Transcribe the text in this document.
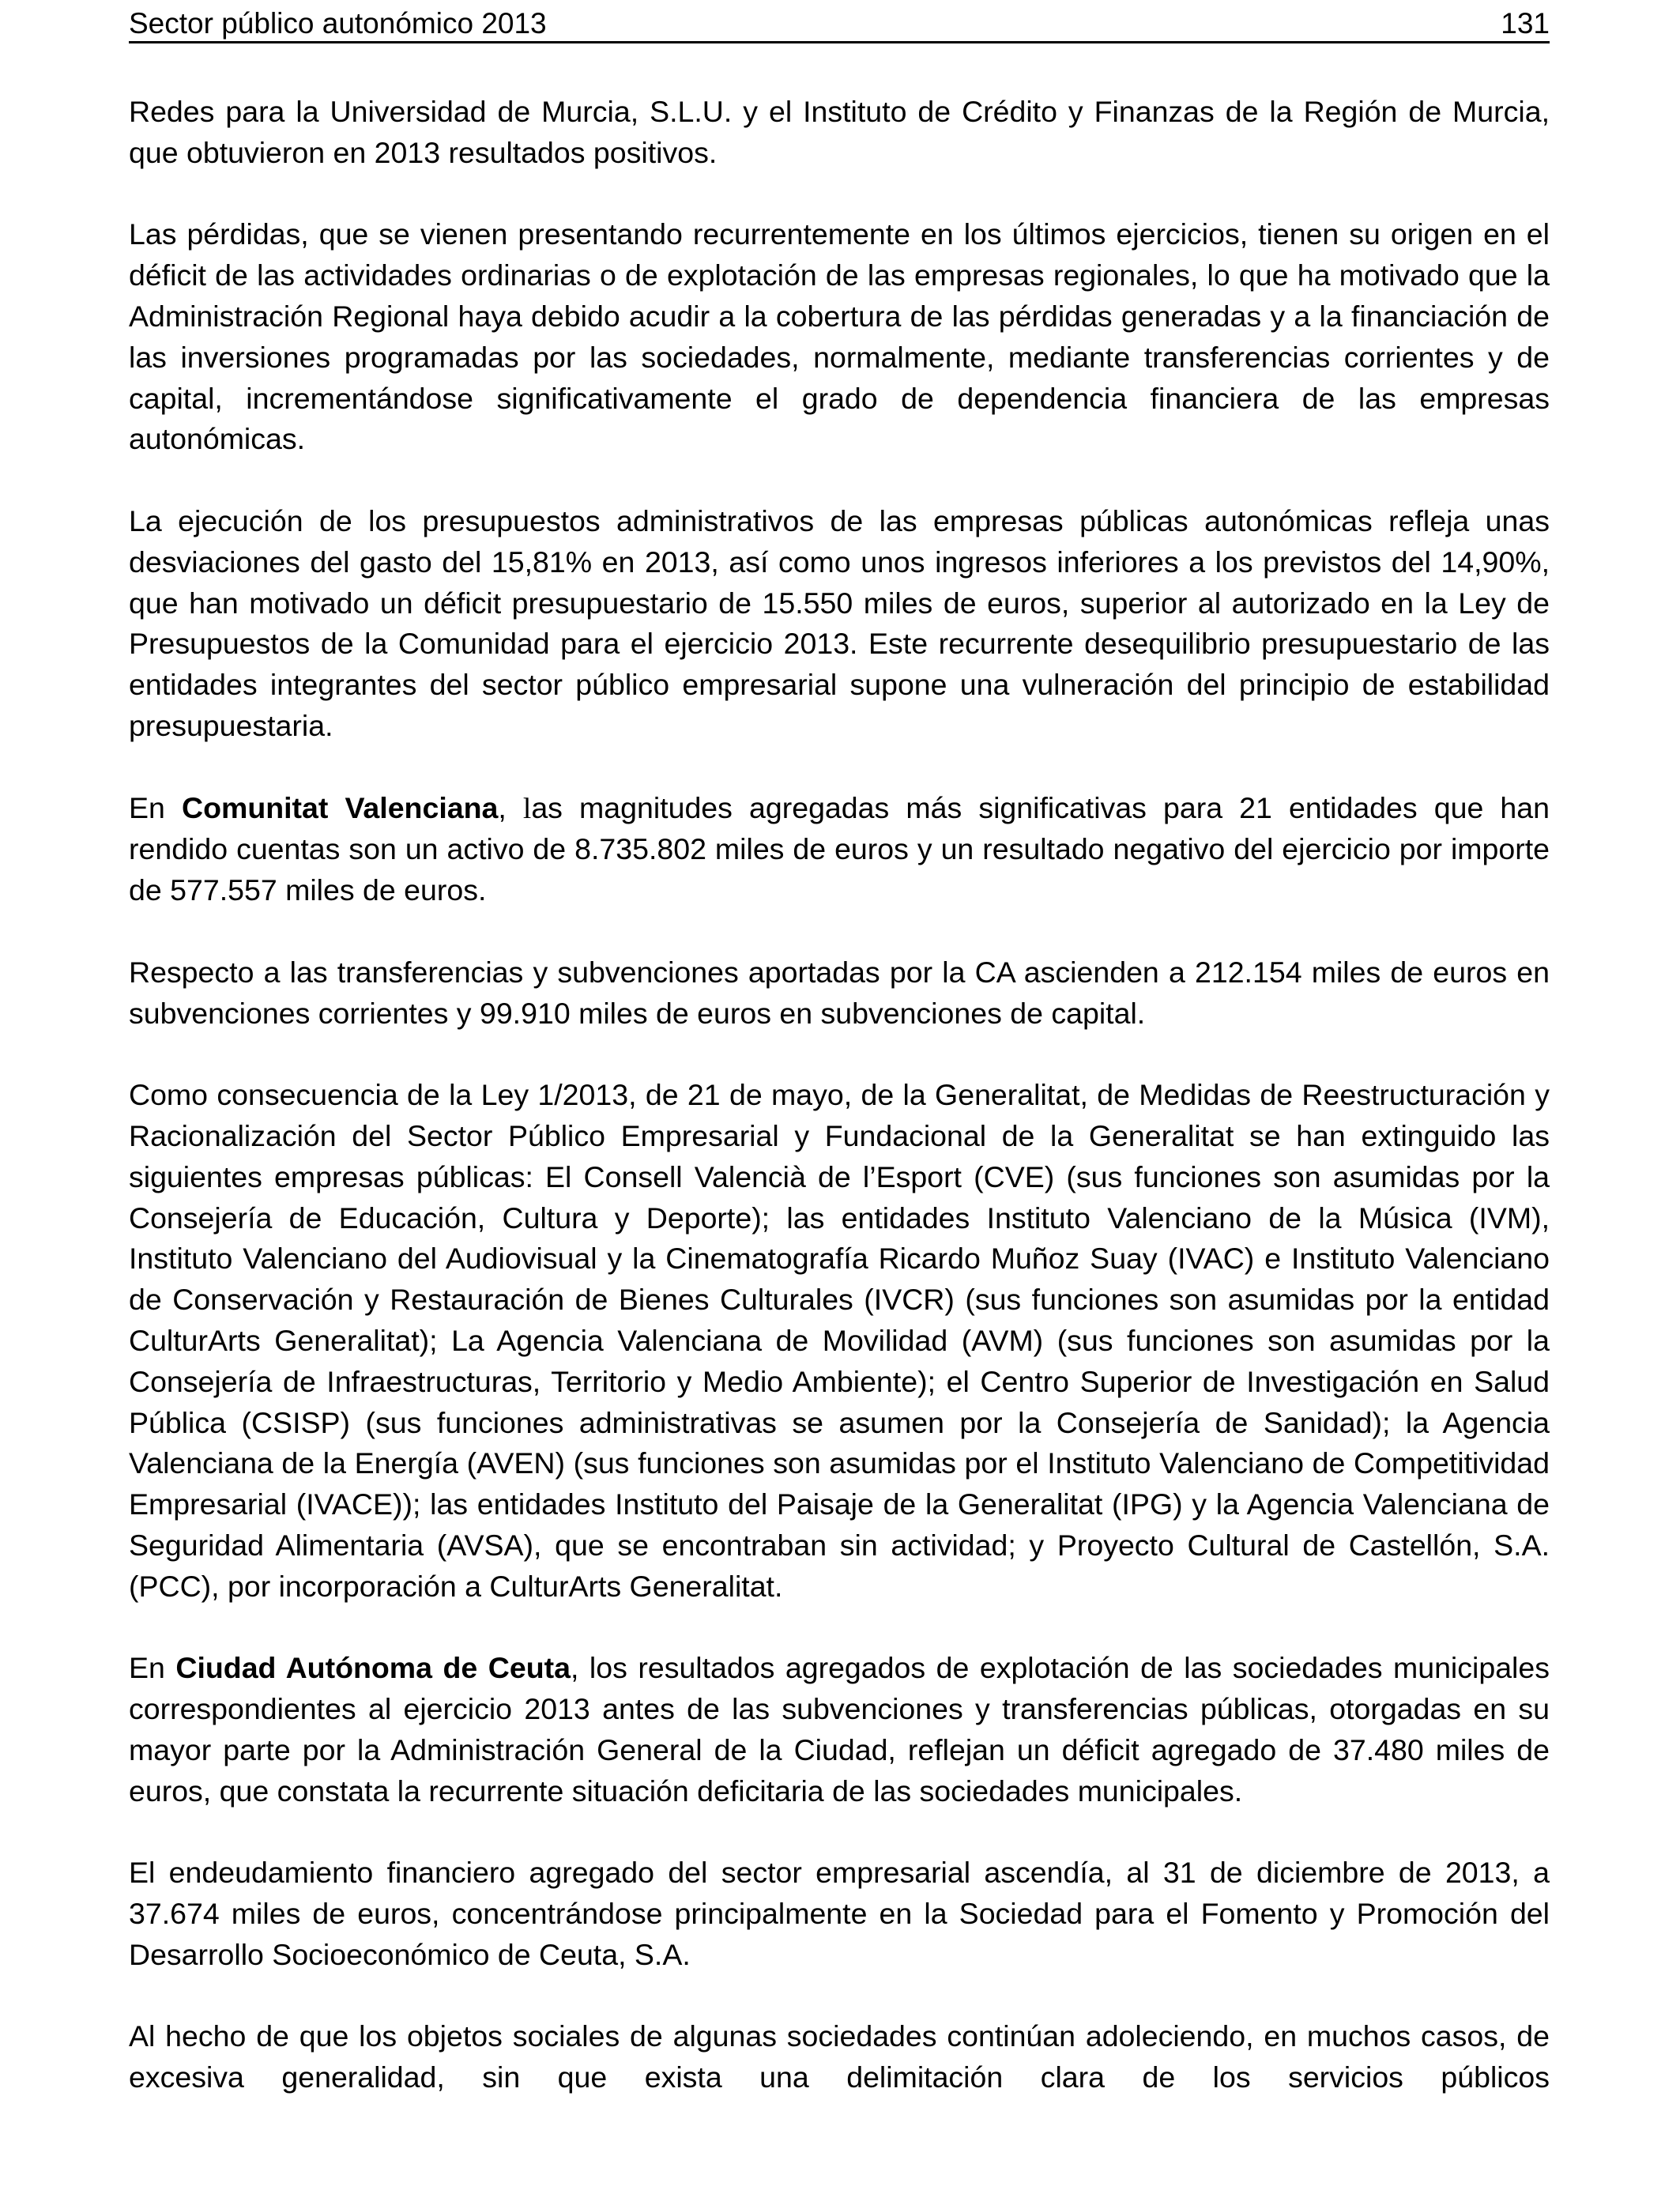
Sector público autonómico 2013	131

Redes para la Universidad de Murcia, S.L.U. y el Instituto de Crédito y Finanzas de la Región de Murcia, que obtuvieron en 2013 resultados positivos.

Las pérdidas, que se vienen presentando recurrentemente en los últimos ejercicios, tienen su origen en el déficit de las actividades ordinarias o de explotación de las empresas regionales, lo que ha motivado que la Administración Regional haya debido acudir a la cobertura de las pérdidas generadas y a la financiación de las inversiones programadas por las sociedades, normalmente, mediante transferencias corrientes y de capital, incrementándose significativamente el grado de dependencia financiera de las empresas autonómicas.

La ejecución de los presupuestos administrativos de las empresas públicas autonómicas refleja unas desviaciones del gasto del 15,81% en 2013, así como unos ingresos inferiores a los previstos del 14,90%, que han motivado un déficit presupuestario de 15.550 miles de euros, superior al autorizado en la Ley de Presupuestos de la Comunidad para el ejercicio 2013. Este recurrente desequilibrio presupuestario de las entidades integrantes del sector público empresarial supone una vulneración del principio de estabilidad presupuestaria.

En Comunitat Valenciana, las magnitudes agregadas más significativas para 21 entidades que han rendido cuentas son un activo de 8.735.802 miles de euros y un resultado negativo del ejercicio por importe de 577.557 miles de euros.

Respecto a las transferencias y subvenciones aportadas por la CA ascienden a 212.154 miles de euros en subvenciones corrientes y 99.910 miles de euros en subvenciones de capital.

Como consecuencia de la Ley 1/2013, de 21 de mayo, de la Generalitat, de Medidas de Reestructuración y Racionalización del Sector Público Empresarial y Fundacional de la Generalitat se han extinguido las siguientes empresas públicas: El Consell Valencià de l’Esport (CVE) (sus funciones son asumidas por la Consejería de Educación, Cultura y Deporte); las entidades Instituto Valenciano de la Música (IVM), Instituto Valenciano del Audiovisual y la Cinematografía Ricardo Muñoz Suay (IVAC) e Instituto Valenciano de Conservación y Restauración de Bienes Culturales (IVCR) (sus funciones son asumidas por la entidad CulturArts Generalitat); La Agencia Valenciana de Movilidad (AVM) (sus funciones son asumidas por la Consejería de Infraestructuras, Territorio y Medio Ambiente); el Centro Superior de Investigación en Salud Pública (CSISP) (sus funciones administrativas se asumen por la Consejería de Sanidad); la Agencia Valenciana de la Energía (AVEN) (sus funciones son asumidas por el Instituto Valenciano de Competitividad Empresarial (IVACE)); las entidades Instituto del Paisaje de la Generalitat (IPG) y la Agencia Valenciana de Seguridad Alimentaria (AVSA), que se encontraban sin actividad; y Proyecto Cultural de Castellón, S.A. (PCC), por incorporación a CulturArts Generalitat.

En Ciudad Autónoma de Ceuta, los resultados agregados de explotación de las sociedades municipales correspondientes al ejercicio 2013 antes de las subvenciones y transferencias públicas, otorgadas en su mayor parte por la Administración General de la Ciudad, reflejan un déficit agregado de 37.480 miles de euros, que constata la recurrente situación deficitaria de las sociedades municipales.

El endeudamiento financiero agregado del sector empresarial ascendía, al 31 de diciembre de 2013, a 37.674 miles de euros, concentrándose principalmente en la Sociedad para el Fomento y Promoción del Desarrollo Socioeconómico de Ceuta, S.A.

Al hecho de que los objetos sociales de algunas sociedades continúan adoleciendo, en muchos casos, de excesiva generalidad, sin que exista una delimitación clara de los servicios públicos
